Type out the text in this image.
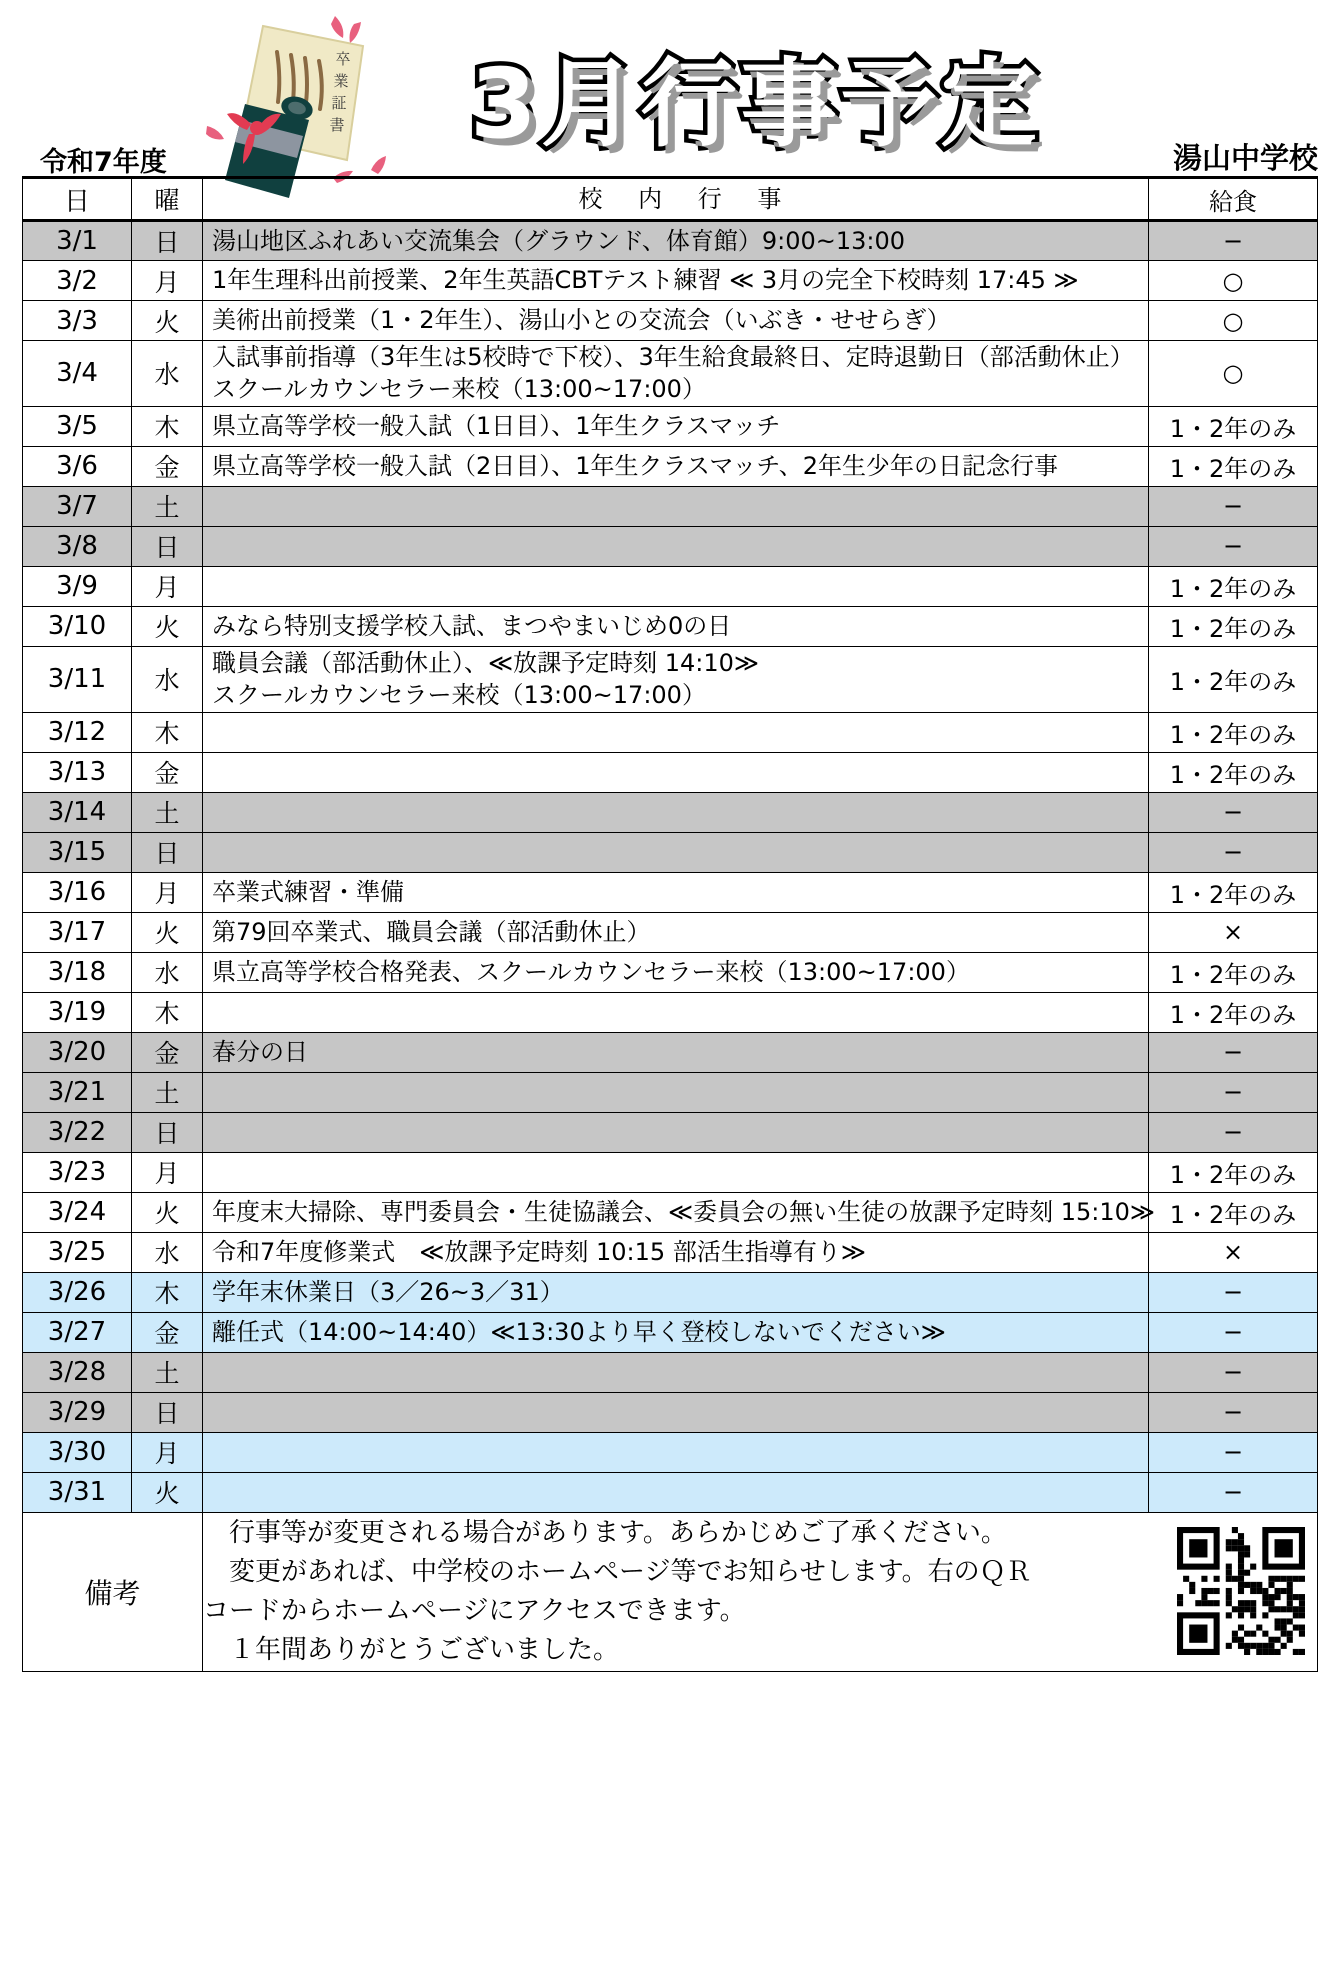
卒
業
証
書 3月行事予定
令和7年度	湯山中学校
日	曜	校 内 行 事	給食
3/1	日	湯山地区ふれあい交流集会（グラウンド、体育館）9:00~13:00	−
3/2	月	1年生理科出前授業、2年生英語CBTテスト練習 ≪ 3月の完全下校時刻 17:45 ≫	○
3/3	火	美術出前授業（1・2年生）、湯山小との交流会（いぶき・せせらぎ）	○
3/4	水	入試事前指導（3年生は5校時で下校）、3年生給食最終日、定時退勤日（部活動休止）
スクールカウンセラー来校（13:00~17:00）	○
3/5	木	県立高等学校一般入試（1日目）、1年生クラスマッチ	1・2年のみ
3/6	金	県立高等学校一般入試（2日目）、1年生クラスマッチ、2年生少年の日記念行事	1・2年のみ
3/7	土		−
3/8	日		−
3/9	月		1・2年のみ
3/10	火	みなら特別支援学校入試、まつやまいじめ0の日	1・2年のみ
3/11	水	職員会議（部活動休止）、≪放課予定時刻 14:10≫
スクールカウンセラー来校（13:00~17:00）	1・2年のみ
3/12	木		1・2年のみ
3/13	金		1・2年のみ
3/14	土		−
3/15	日		−
3/16	月	卒業式練習・準備	1・2年のみ
3/17	火	第79回卒業式、職員会議（部活動休止）	×
3/18	水	県立高等学校合格発表、スクールカウンセラー来校（13:00~17:00）	1・2年のみ
3/19	木		1・2年のみ
3/20	金	春分の日	−
3/21	土		−
3/22	日		−
3/23	月		1・2年のみ
3/24	火	年度末大掃除、専門委員会・生徒協議会、≪委員会の無い生徒の放課予定時刻 15:10≫	1・2年のみ
3/25	水	令和7年度修業式　≪放課予定時刻 10:15 部活生指導有り≫	×
3/26	木	学年末休業日（3／26~3／31）	−
3/27	金	離任式（14:00~14:40）≪13:30より早く登校しないでください≫	−
3/28	土		−
3/29	日		−
3/30	月		−
3/31	火		−
備考		行事等が変更される場合があります。あらかじめご了承ください。

変更があれば、中学校のホームページ等でお知らせします。右のＱＲ

コードからホームページにアクセスできます。

１年間ありがとうございました。	
